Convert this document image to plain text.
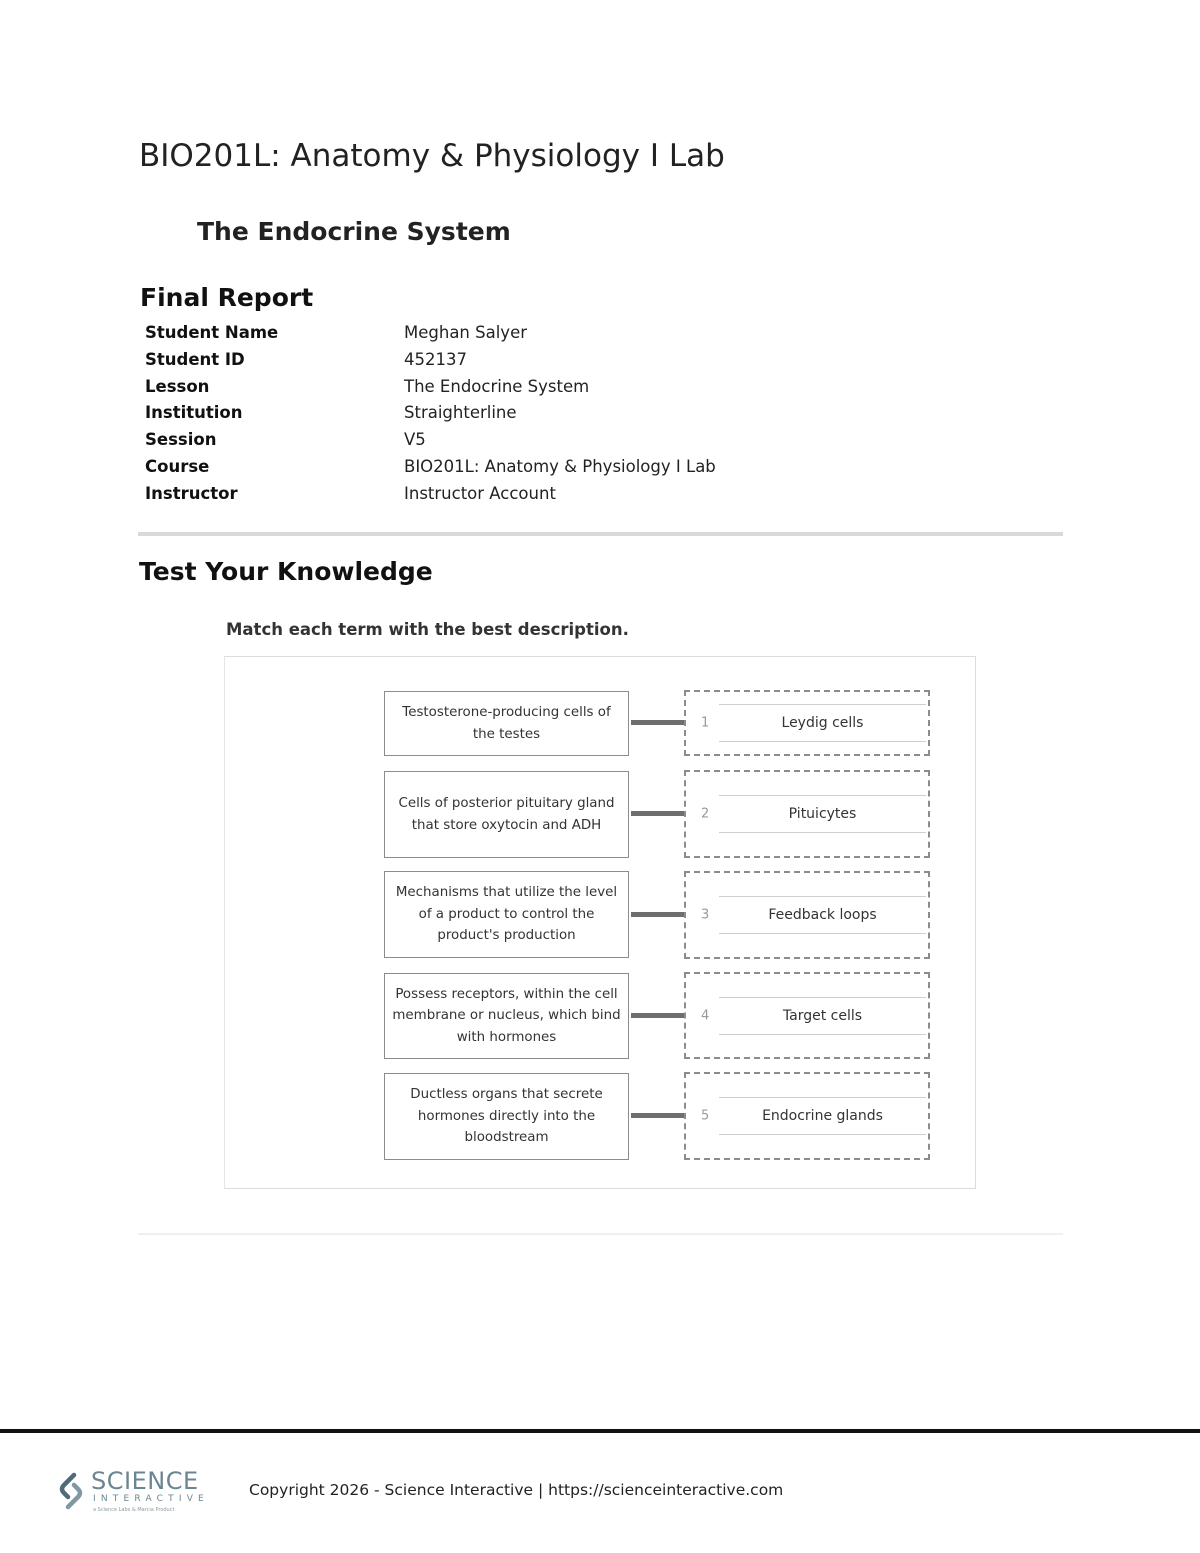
BIO201L: Anatomy & Physiology I Lab
The Endocrine System
Final Report
Student Name	Meghan Salyer
Student ID	452137
Lesson	The Endocrine System
Institution	Straighterline
Session	V5
Course	BIO201L: Anatomy & Physiology I Lab
Instructor	Instructor Account
Test Your Knowledge

Match each term with the best description.

Testosterone-producing cells of the testes
1	Leydig cells
Cells of posterior pituitary gland that store oxytocin and ADH
2	Pituicytes
Mechanisms that utilize the level of a product to control the product's production
3	Feedback loops
Possess receptors, within the cell membrane or nucleus, which bind with hormones
4	Target cells
Ductless organs that secrete hormones directly into the bloodstream
5	Endocrine glands
SCIENCE
INTERACTIVE
a Science Labs & Marcia Product
Copyright 2026 - Science Interactive | https://scienceinteractive.com
